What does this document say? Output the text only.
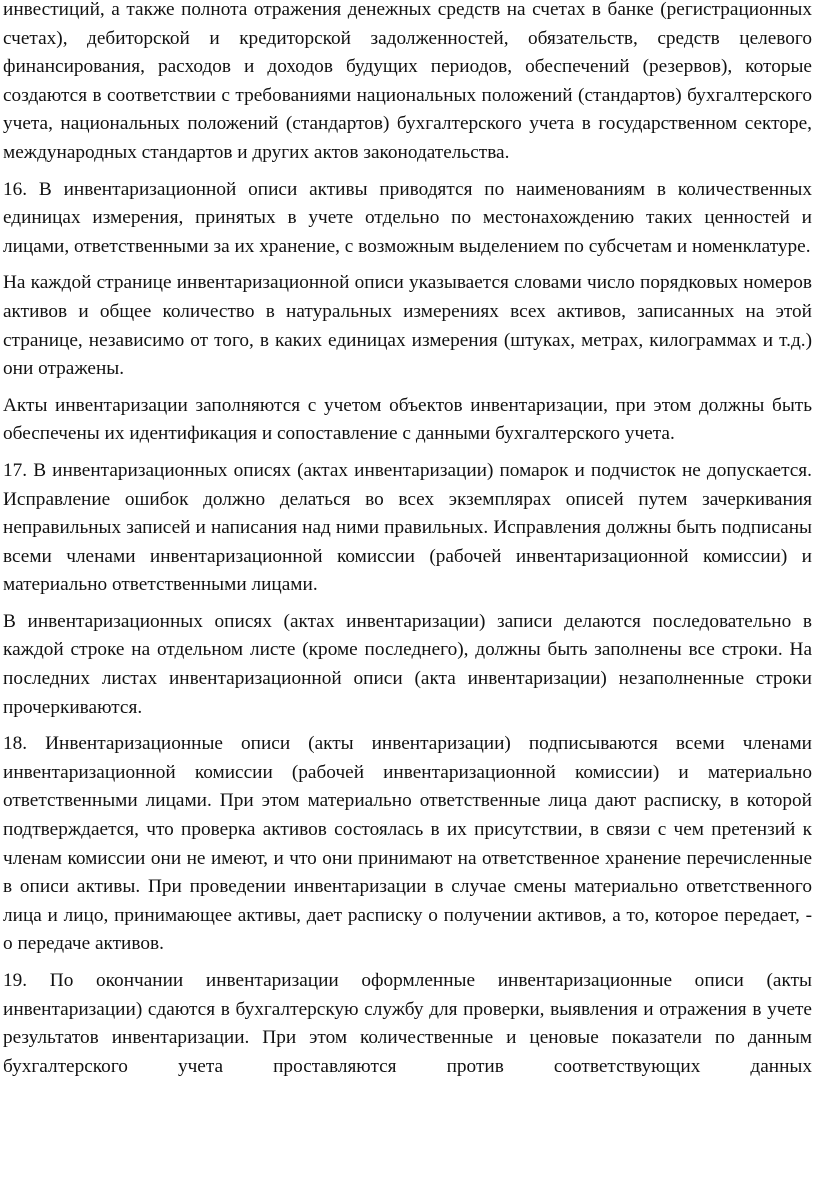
инвестиций, а также полнота отражения денежных средств на счетах в банке (регистрационных счетах), дебиторской и кредиторской задолженностей, обязательств, средств целевого финансирования, расходов и доходов будущих периодов, обеспечений (резервов), которые создаются в соответствии с требованиями национальных положений (стандартов) бухгалтерского учета, национальных положений (стандартов) бухгалтерского учета в государственном секторе, международных стандартов и других актов законодательства.

16. В инвентаризационной описи активы приводятся по наименованиям в количественных единицах измерения, принятых в учете отдельно по местонахождению таких ценностей и лицами, ответственными за их хранение, с возможным выделением по субсчетам и номенклатуре.

На каждой странице инвентаризационной описи указывается словами число порядковых номеров активов и общее количество в натуральных измерениях всех активов, записанных на этой странице, независимо от того, в каких единицах измерения (штуках, метрах, килограммах и т.д.) они отражены.

Акты инвентаризации заполняются с учетом объектов инвентаризации, при этом должны быть обеспечены их идентификация и сопоставление с данными бухгалтерского учета.

17. В инвентаризационных описях (актах инвентаризации) помарок и подчисток не допускается. Исправление ошибок должно делаться во всех экземплярах описей путем зачеркивания неправильных записей и написания над ними правильных. Исправления должны быть подписаны всеми членами инвентаризационной комиссии (рабочей инвентаризационной комиссии) и материально ответственными лицами.

В инвентаризационных описях (актах инвентаризации) записи делаются последовательно в каждой строке на отдельном листе (кроме последнего), должны быть заполнены все строки. На последних листах инвентаризационной описи (акта инвентаризации) незаполненные строки прочеркиваются.

18. Инвентаризационные описи (акты инвентаризации) подписываются всеми членами инвентаризационной комиссии (рабочей инвентаризационной комиссии) и материально ответственными лицами. При этом материально ответственные лица дают расписку, в которой подтверждается, что проверка активов состоялась в их присутствии, в связи с чем претензий к членам комиссии они не имеют, и что они принимают на ответственное хранение перечисленные в описи активы. При проведении инвентаризации в случае смены материально ответственного лица и лицо, принимающее активы, дает расписку о получении активов, а то, которое передает, - о передаче активов.

19. По окончании инвентаризации оформленные инвентаризационные описи (акты инвентаризации) сдаются в бухгалтерскую службу для проверки, выявления и отражения в учете результатов инвентаризации. При этом количественные и ценовые показатели по данным бухгалтерского учета проставляются против соответствующих данных
